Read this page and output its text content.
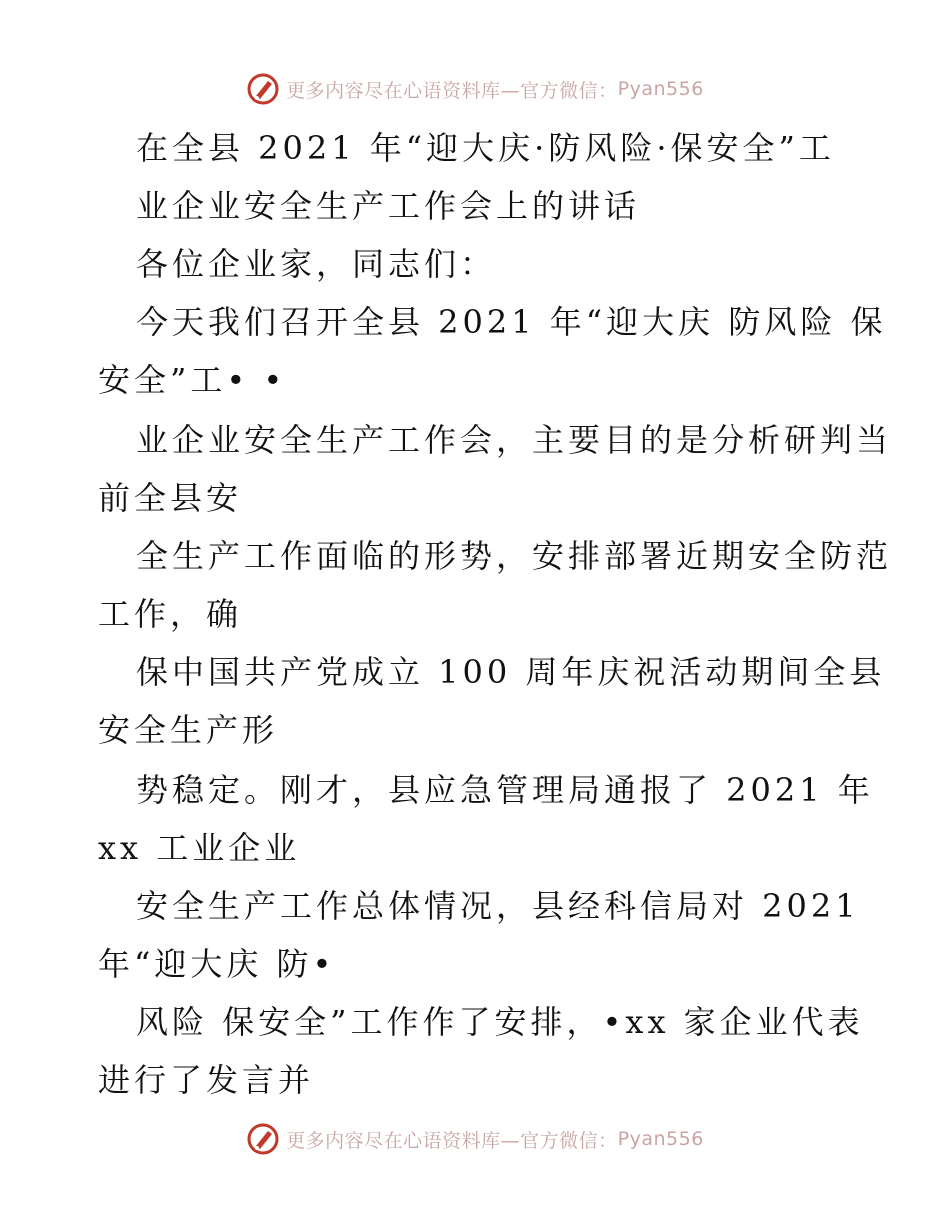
更多内容尽在心语资料库—官方微信： Pyan556
在全县 2021 年“迎大庆·防风险·保安全”工
业企业安全生产工作会上的讲话
各位企业家，同志们：
今天我们召开全县 2021 年“迎大庆 防风险 保
安全”工• •
业企业安全生产工作会，主要目的是分析研判当
前全县安
全生产工作面临的形势，安排部署近期安全防范
工作，确
保中国共产党成立 100 周年庆祝活动期间全县
安全生产形
势稳定。刚才，县应急管理局通报了 2021 年
xx 工业企业
安全生产工作总体情况，县经科信局对 2021
年“迎大庆 防•
风险 保安全”工作作了安排，•xx 家企业代表
进行了发言并
更多内容尽在心语资料库—官方微信： Pyan556
